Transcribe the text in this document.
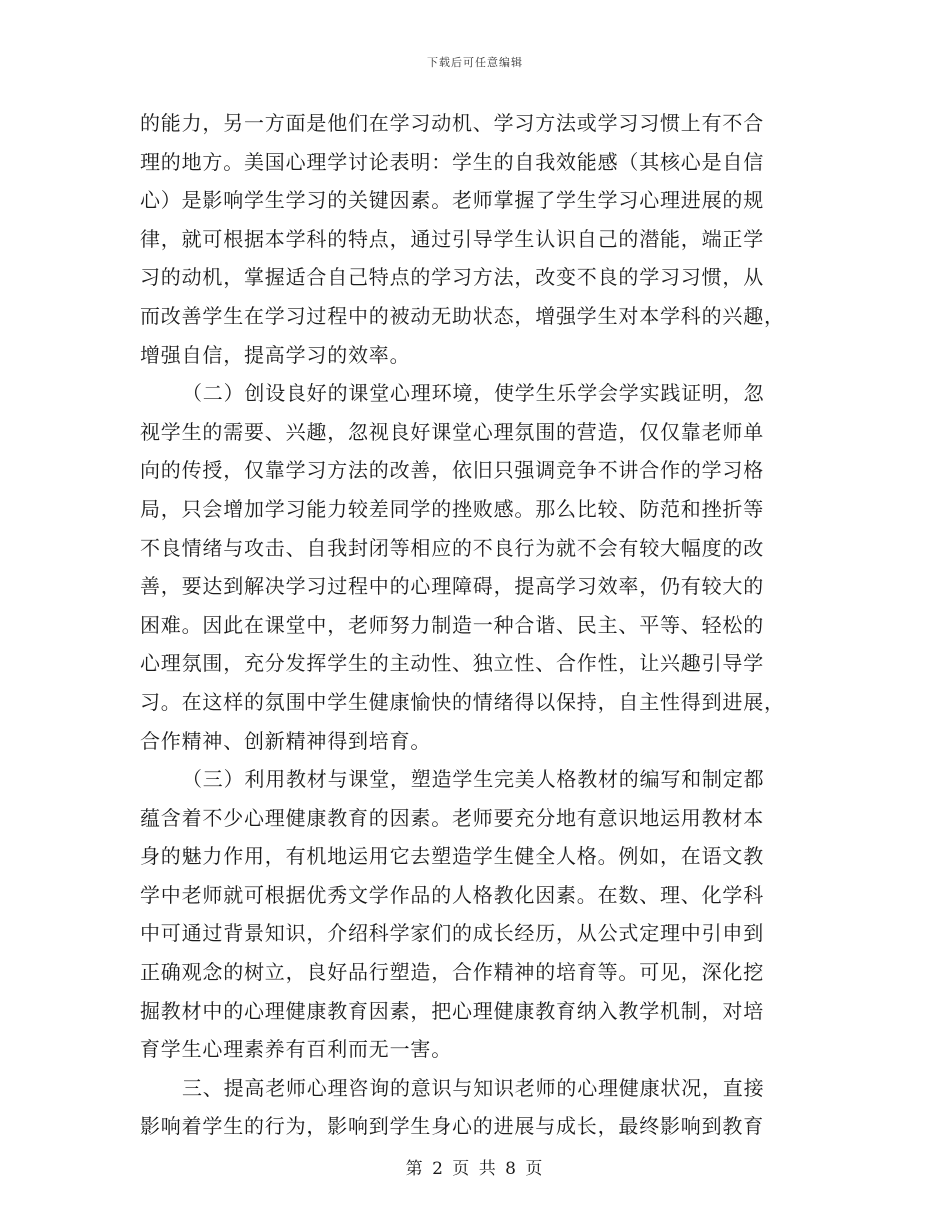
下载后可任意编辑
的能力，另一方面是他们在学习动机、学习方法或学习习惯上有不合
理的地方。美国心理学讨论表明：学生的自我效能感（其核心是自信
心）是影响学生学习的关键因素。老师掌握了学生学习心理进展的规
律，就可根据本学科的特点，通过引导学生认识自己的潜能，端正学
习的动机，掌握适合自己特点的学习方法，改变不良的学习习惯，从
而改善学生在学习过程中的被动无助状态，增强学生对本学科的兴趣，
增强自信，提高学习的效率。
（二）创设良好的课堂心理环境，使学生乐学会学实践证明，忽
视学生的需要、兴趣，忽视良好课堂心理氛围的营造，仅仅靠老师单
向的传授，仅靠学习方法的改善，依旧只强调竞争不讲合作的学习格
局，只会增加学习能力较差同学的挫败感。那么比较、防范和挫折等
不良情绪与攻击、自我封闭等相应的不良行为就不会有较大幅度的改
善，要达到解决学习过程中的心理障碍，提高学习效率，仍有较大的
困难。因此在课堂中，老师努力制造一种合谐、民主、平等、轻松的
心理氛围，充分发挥学生的主动性、独立性、合作性，让兴趣引导学
习。在这样的氛围中学生健康愉快的情绪得以保持，自主性得到进展，
合作精神、创新精神得到培育。
（三）利用教材与课堂，塑造学生完美人格教材的编写和制定都
蕴含着不少心理健康教育的因素。老师要充分地有意识地运用教材本
身的魅力作用，有机地运用它去塑造学生健全人格。例如，在语文教
学中老师就可根据优秀文学作品的人格教化因素。在数、理、化学科
中可通过背景知识，介绍科学家们的成长经历，从公式定理中引申到
正确观念的树立，良好品行塑造，合作精神的培育等。可见，深化挖
掘教材中的心理健康教育因素，把心理健康教育纳入教学机制，对培
育学生心理素养有百利而无一害。
三、提高老师心理咨询的意识与知识老师的心理健康状况，直接
影响着学生的行为，影响到学生身心的进展与成长，最终影响到教育
第 2 页 共 8 页
